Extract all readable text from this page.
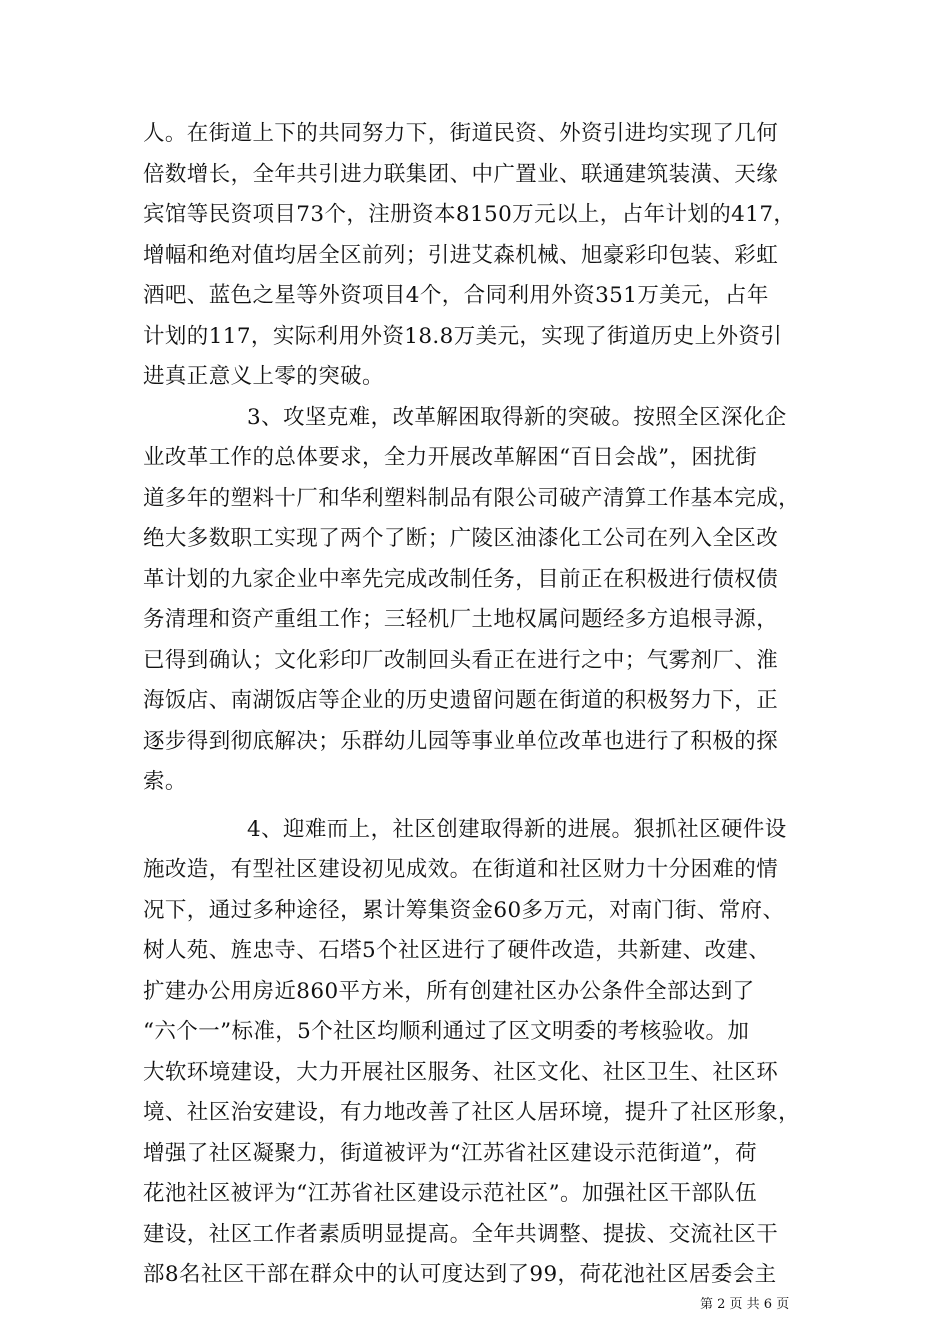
人。在街道上下的共同努力下，街道民资、外资引进均实现了几何
倍数增长，全年共引进力联集团、中广置业、联通建筑装潢、天缘
宾馆等民资项目73个，注册资本8150万元以上，占年计划的417，
增幅和绝对值均居全区前列；引进艾森机械、旭豪彩印包装、彩虹
酒吧、蓝色之星等外资项目4个，合同利用外资351万美元，占年
计划的117，实际利用外资18.8万美元，实现了街道历史上外资引
进真正意义上零的突破。
3、攻坚克难，改革解困取得新的突破。按照全区深化企
业改革工作的总体要求，全力开展改革解困“百日会战”，困扰街
道多年的塑料十厂和华利塑料制品有限公司破产清算工作基本完成，
绝大多数职工实现了两个了断；广陵区油漆化工公司在列入全区改
革计划的九家企业中率先完成改制任务，目前正在积极进行债权债
务清理和资产重组工作；三轻机厂土地权属问题经多方追根寻源，
已得到确认；文化彩印厂改制回头看正在进行之中；气雾剂厂、淮
海饭店、南湖饭店等企业的历史遗留问题在街道的积极努力下，正
逐步得到彻底解决；乐群幼儿园等事业单位改革也进行了积极的探
索。
4、迎难而上，社区创建取得新的进展。狠抓社区硬件设
施改造，有型社区建设初见成效。在街道和社区财力十分困难的情
况下，通过多种途径，累计筹集资金60多万元，对南门街、常府、
树人苑、旌忠寺、石塔5个社区进行了硬件改造，共新建、改建、
扩建办公用房近860平方米，所有创建社区办公条件全部达到了
“六个一”标准，5个社区均顺利通过了区文明委的考核验收。加
大软环境建设，大力开展社区服务、社区文化、社区卫生、社区环
境、社区治安建设，有力地改善了社区人居环境，提升了社区形象，
增强了社区凝聚力，街道被评为“江苏省社区建设示范街道”，荷
花池社区被评为“江苏省社区建设示范社区”。加强社区干部队伍
建设，社区工作者素质明显提高。全年共调整、提拔、交流社区干
部8名社区干部在群众中的认可度达到了99，荷花池社区居委会主
第 2 页 共 6 页
